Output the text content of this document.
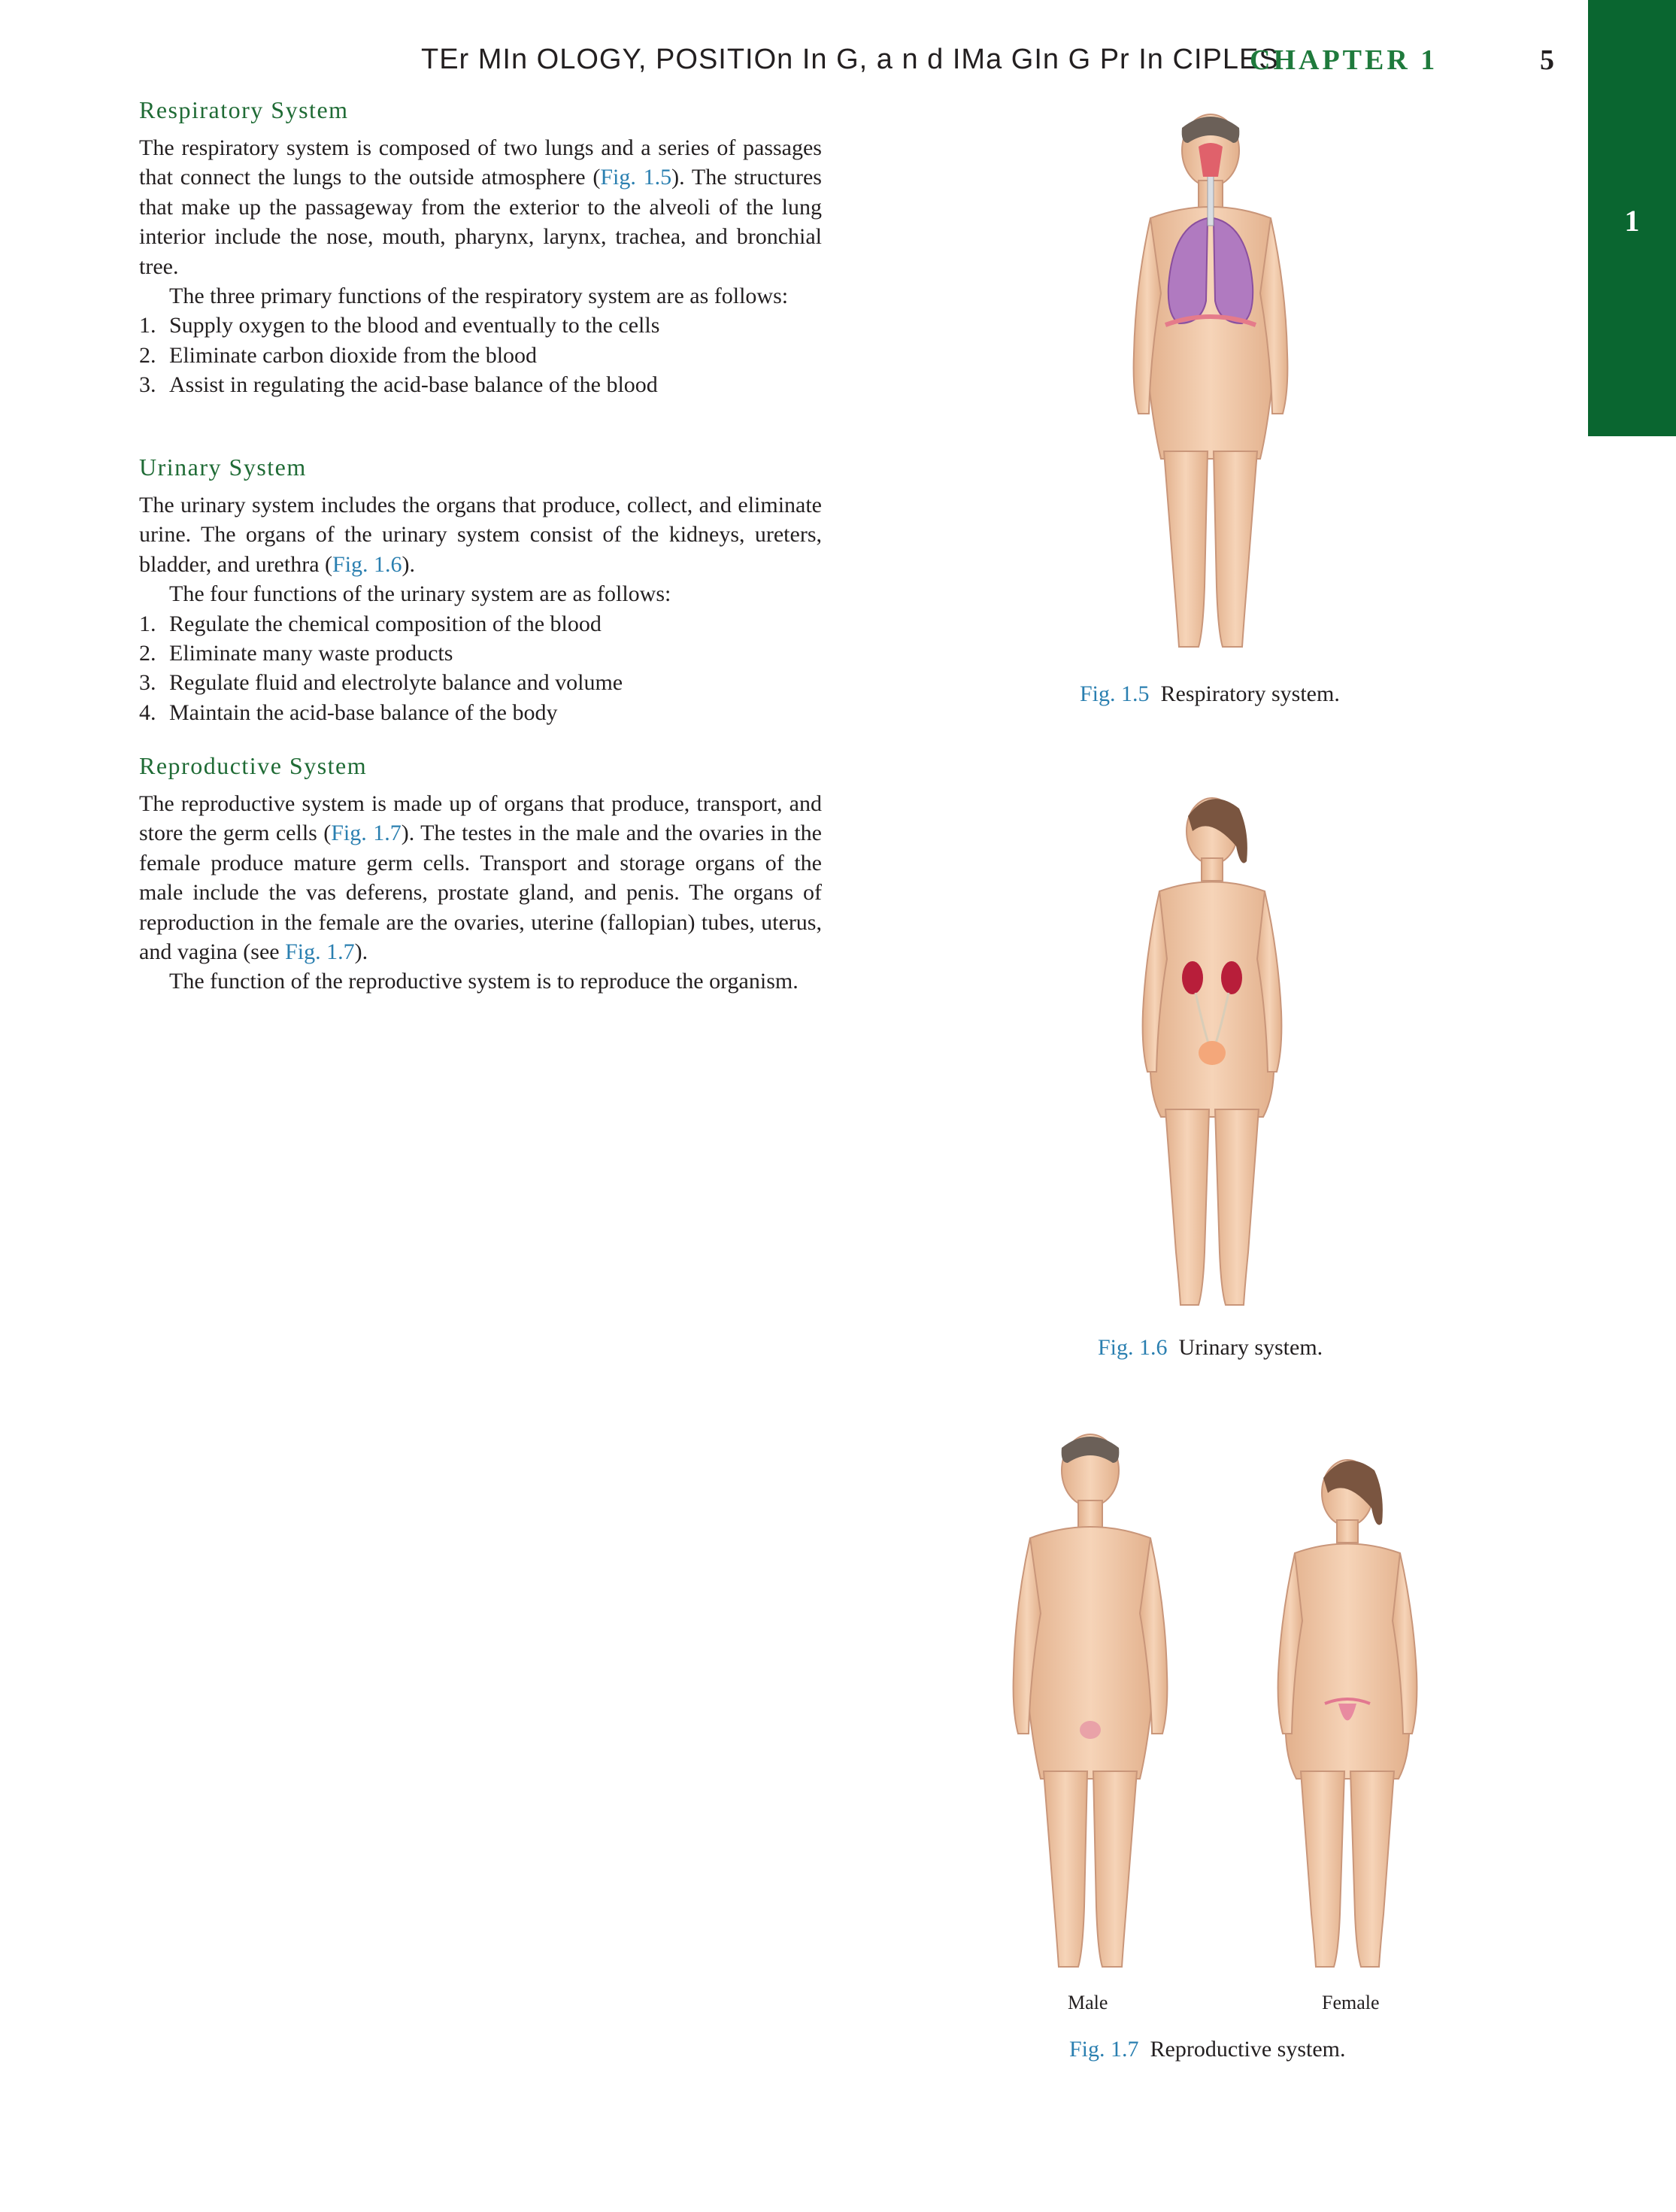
TEr MIn OLOGY, POSITIOn In G, a n d IMa GIn G Pr In CIPLES
CHAPTER 1	5
1
Respiratory System

The respiratory system is composed of two lungs and a series of passages that connect the lungs to the outside atmosphere (Fig. 1.5). The structures that make up the passageway from the exterior to the alveoli of the lung interior include the nose, mouth, pharynx, larynx, trachea, and bronchial tree.

The three primary functions of the respiratory system are as follows:

1. Supply oxygen to the blood and eventually to the cells
2. Eliminate carbon dioxide from the blood
3. Assist in regulating the acid-base balance of the blood
Urinary System

The urinary system includes the organs that produce, collect, and eliminate urine. The organs of the urinary system consist of the kidneys, ureters, bladder, and urethra (Fig. 1.6).

The four functions of the urinary system are as follows:

1. Regulate the chemical composition of the blood
2. Eliminate many waste products
3. Regulate fluid and electrolyte balance and volume
4. Maintain the acid-base balance of the body
Reproductive System

The reproductive system is made up of organs that produce, transport, and store the germ cells (Fig. 1.7). The testes in the male and the ovaries in the female produce mature germ cells. Transport and storage organs of the male include the vas deferens, prostate gland, and penis. The organs of reproduction in the female are the ovaries, uterine (fallopian) tubes, uterus, and vagina (see Fig. 1.7).

The function of the reproductive system is to reproduce the organism.

Fig. 1.5 Respiratory system.
Fig. 1.6 Urinary system.
Male	Female
Fig. 1.7 Reproductive system.
